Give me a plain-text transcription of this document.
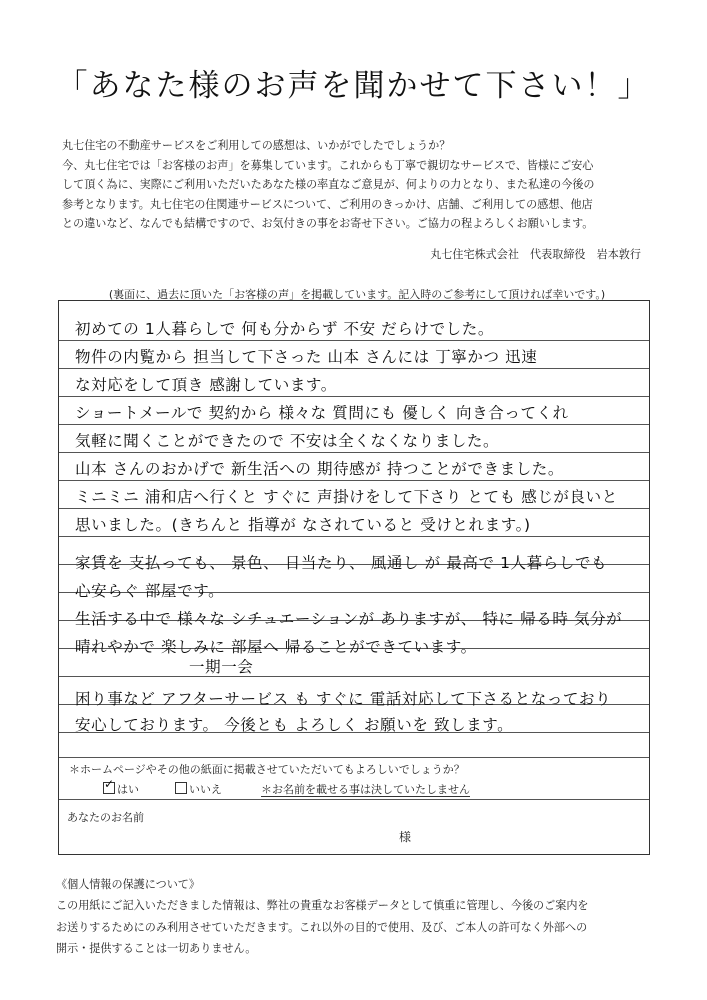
「あなた様のお声を聞かせて下さい！」

丸七住宅の不動産サービスをご利用しての感想は、いかがでしたでしょうか？

今、丸七住宅では「お客様のお声」を募集しています。これからも丁寧で親切なサービスで、皆様にご安心

して頂く為に、実際にご利用いただいたあなた様の率直なご意見が、何よりの力となり、また私達の今後の

参考となります。丸七住宅の住関連サービスについて、ご利用のきっかけ、店舗、ご利用しての感想、他店

との違いなど、なんでも結構ですので、お気付きの事をお寄せ下さい。ご協力の程よろしくお願いします。

丸七住宅株式会社　代表取締役　岩本敦行
(裏面に、過去に頂いた「お客様の声」を掲載しています。記入時のご参考にして頂ければ幸いです。)
初めての 1人暮らしで 何も分からず 不安 だらけでした。
物件の内覧から 担当して下さった 山本 さんには 丁寧かつ 迅速
な対応をして頂き 感謝しています。
ショートメールで 契約から 様々な 質問にも 優しく 向き合ってくれ
気軽に聞くことができたので 不安は全くなくなりました。
山本 さんのおかげで 新生活への 期待感が 持つことができました。
ミニミニ 浦和店へ行くと すぐに 声掛けをして下さり とても 感じが良いと
思いました。(きちんと 指導が なされていると 受けとれます。)
家賃を 支払っても、 景色、 日当たり、 風通し が 最高で 1人暮らしでも
心安らぐ 部屋です。
生活する中で 様々な シチュエーションが ありますが、 特に 帰る時 気分が
晴れやかで 楽しみに 部屋へ 帰ることができています。
一期一会
困り事など アフターサービス も すぐに 電話対応して下さるとなっており
安心しております。 今後とも よろしく お願いを 致します。
＊ホームページやその他の紙面に掲載させていただいてもよろしいでしょうか？
✓ はい	いいえ	＊お名前を載せる事は決していたしません
あなたのお名前
様

《個人情報の保護について》

この用紙にご記入いただきました情報は、弊社の貴重なお客様データとして慎重に管理し、今後のご案内を

お送りするためにのみ利用させていただきます。これ以外の目的で使用、及び、ご本人の許可なく外部への

開示・提供することは一切ありません。
